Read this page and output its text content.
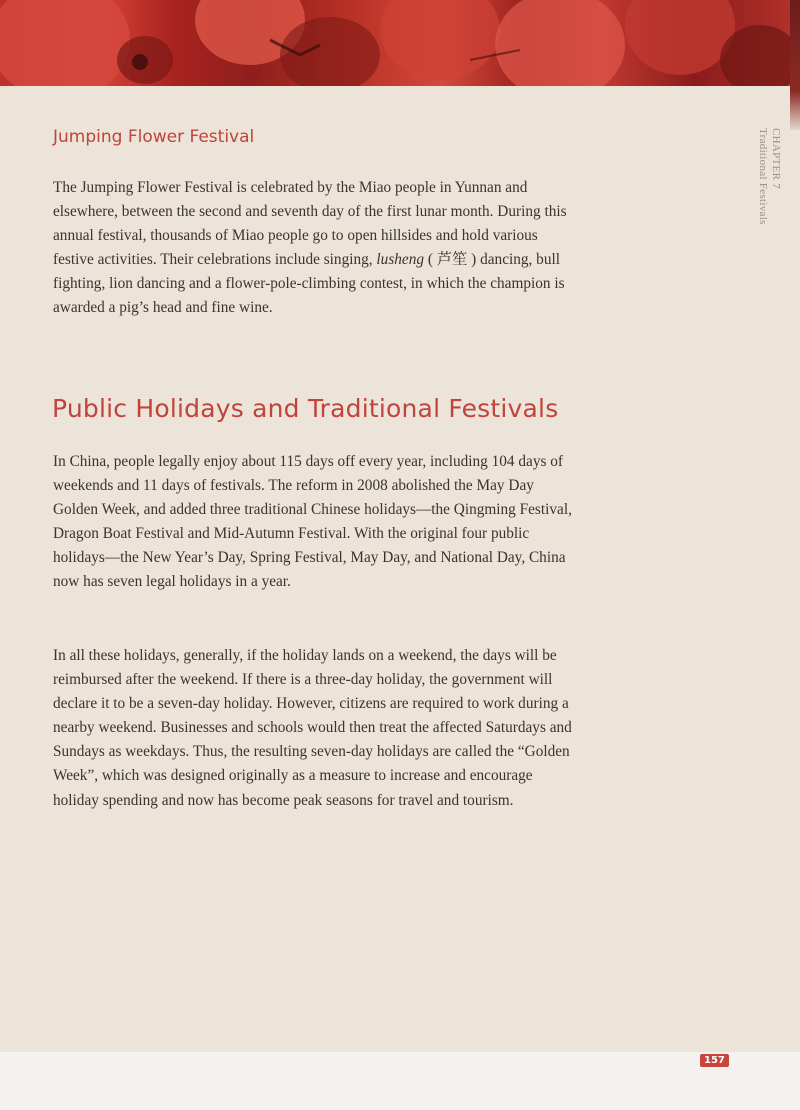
CHAPTER 7
Traditional Festivals
Jumping Flower Festival

The Jumping Flower Festival is celebrated by the Miao people in Yunnan and elsewhere, between the second and seventh day of the first lunar month. During this annual festival, thousands of Miao people go to open hillsides and hold various festive activities. Their celebrations include singing, lusheng ( 芦笙 ) dancing, bull fighting, lion dancing and a flower-pole-climbing contest, in which the champion is awarded a pig’s head and fine wine.

Public Holidays and Traditional Festivals

In China, people legally enjoy about 115 days off every year, including 104 days of weekends and 11 days of festivals. The reform in 2008 abolished the May Day Golden Week, and added three traditional Chinese holidays—the Qingming Festival, Dragon Boat Festival and Mid-Autumn Festival. With the original four public holidays—the New Year’s Day, Spring Festival, May Day, and National Day, China now has seven legal holidays in a year.

In all these holidays, generally, if the holiday lands on a weekend, the days will be reimbursed after the weekend. If there is a three-day holiday, the government will declare it to be a seven-day holiday. However, citizens are required to work during a nearby weekend. Businesses and schools would then treat the affected Saturdays and Sundays as weekdays. Thus, the resulting seven-day holidays are called the “Golden Week”, which was designed originally as a measure to increase and encourage holiday spending and now has become peak seasons for travel and tourism.

157
